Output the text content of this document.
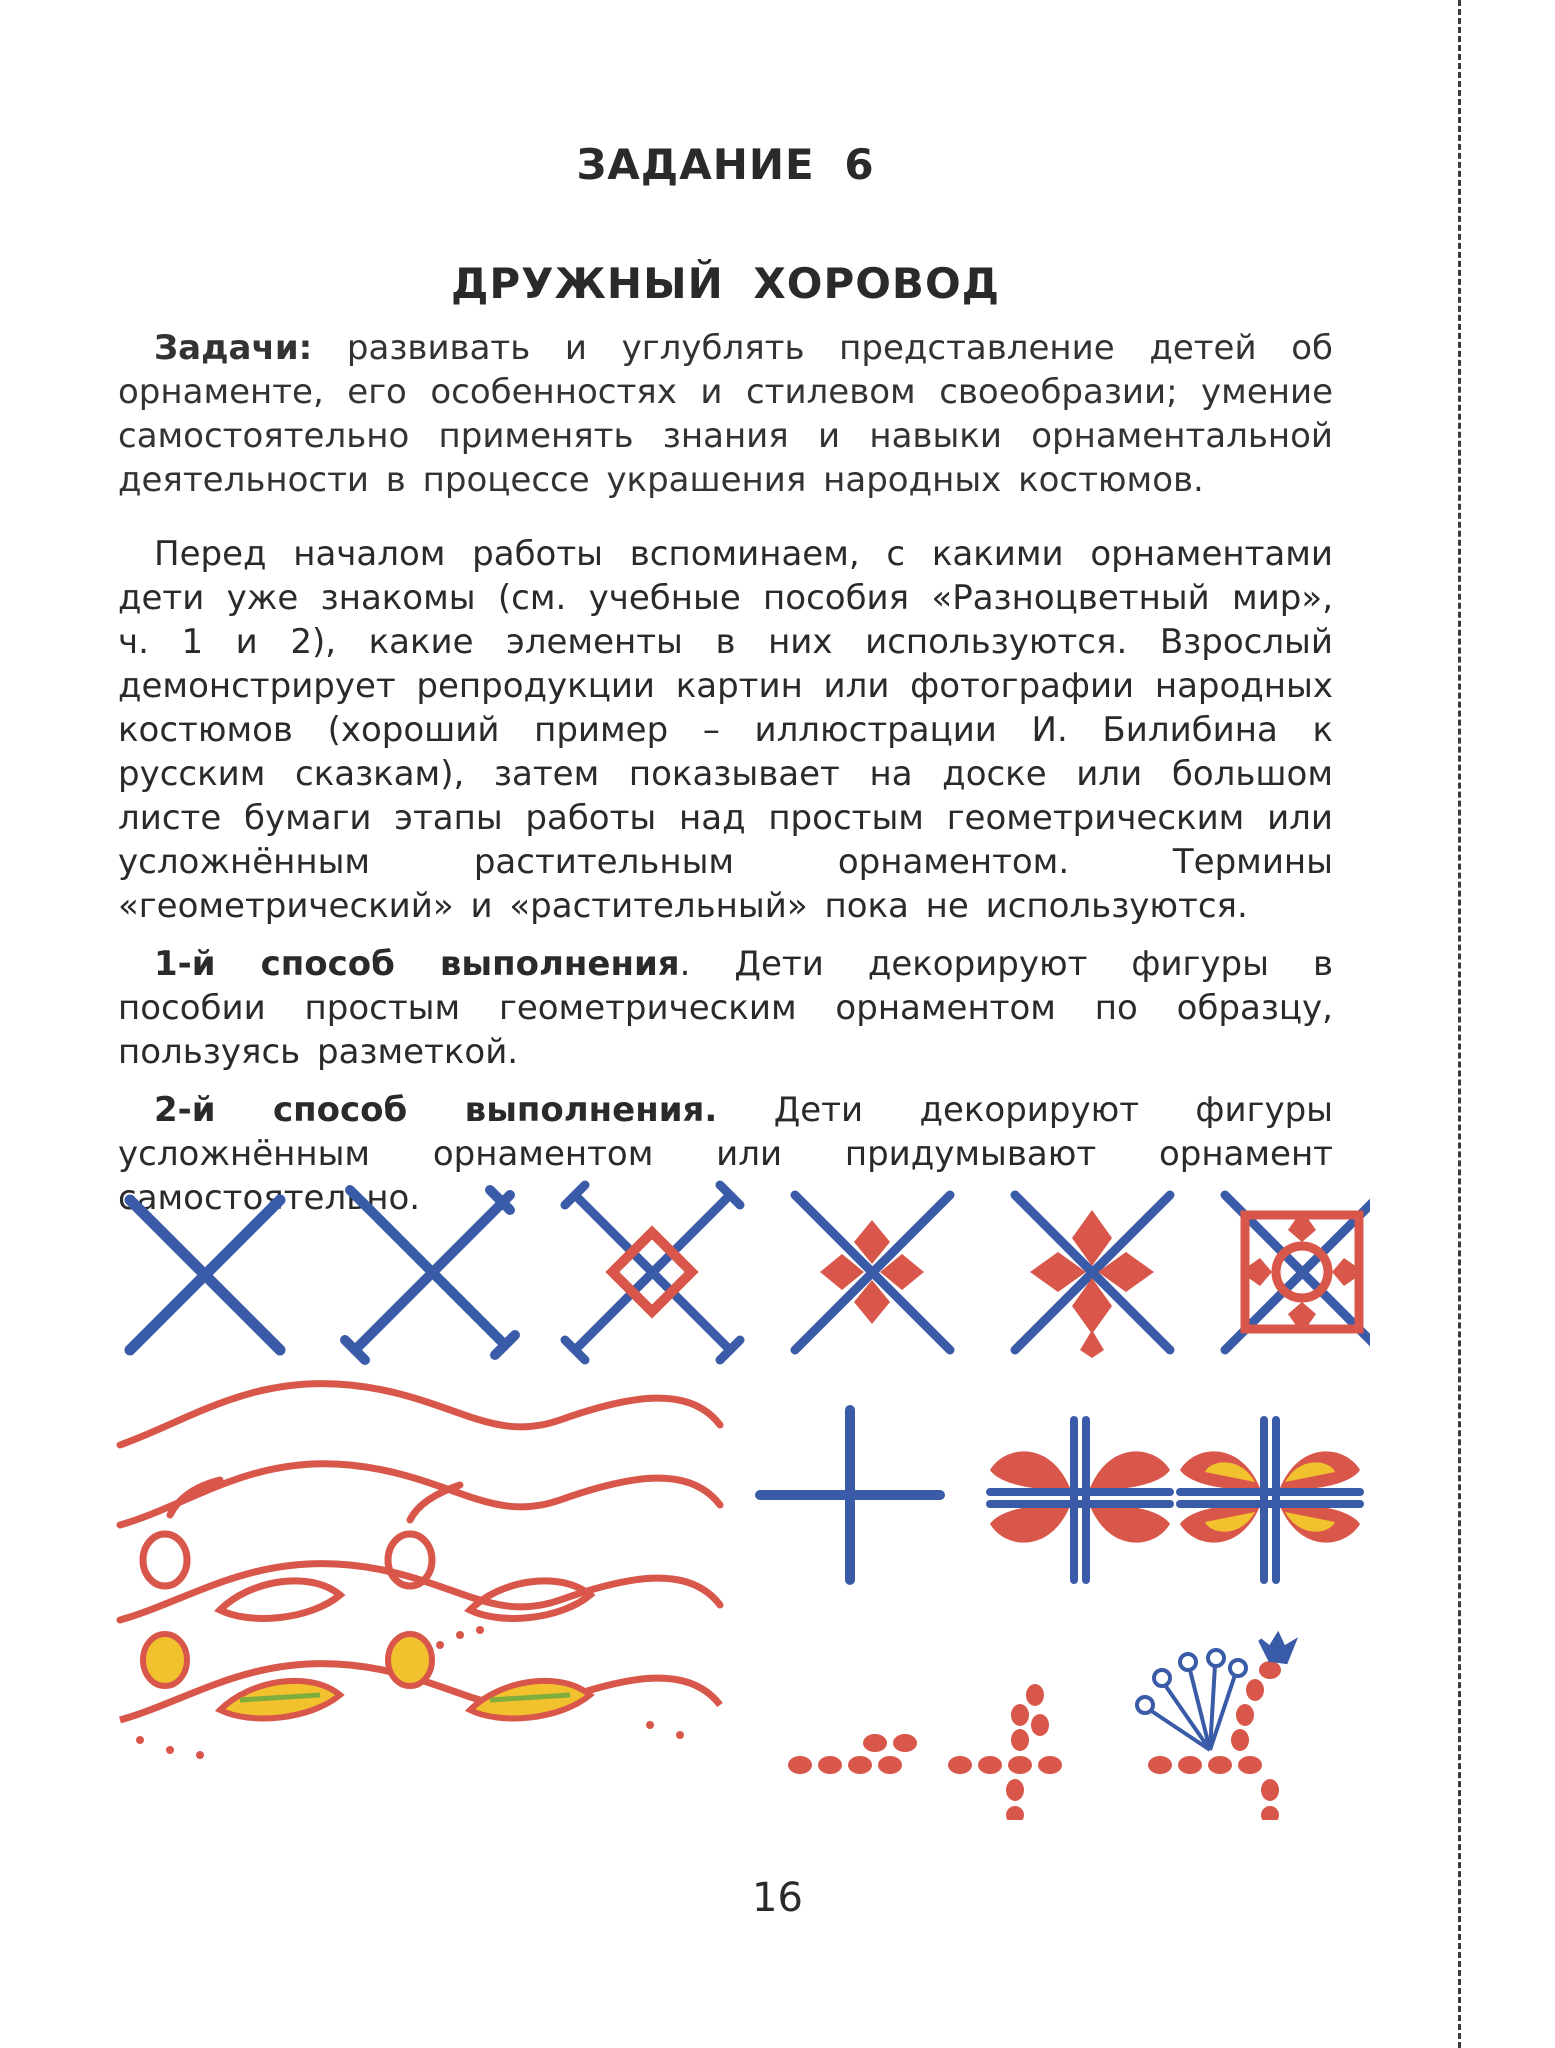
ЗАДАНИЕ 6
ДРУЖНЫЙ ХОРОВОД

Задачи: развивать и углублять представление детей об орнаменте, его особенностях и стилевом своеобразии; умение самостоятельно применять знания и навыки орнаментальной деятельности в процессе украшения народных костюмов.

Перед началом работы вспоминаем, с какими орнаментами дети уже знакомы (см. учебные пособия «Разноцветный мир», ч. 1 и 2), какие элементы в них используются. Взрослый демонстрирует репродукции картин или фотографии народных костюмов (хороший пример – иллюстрации И. Билибина к русским сказкам), затем показывает на доске или большом листе бумаги этапы работы над простым геометрическим или усложнённым растительным орнаментом. Термины «геометрический» и «растительный» пока не используются.

1-й способ выполнения. Дети декорируют фигуры в пособии простым геометрическим орнаментом по образцу, пользуясь разметкой.

2-й способ выполнения. Дети декорируют фигуры усложнённым орнаментом или придумывают орнамент самостоятельно.

16
